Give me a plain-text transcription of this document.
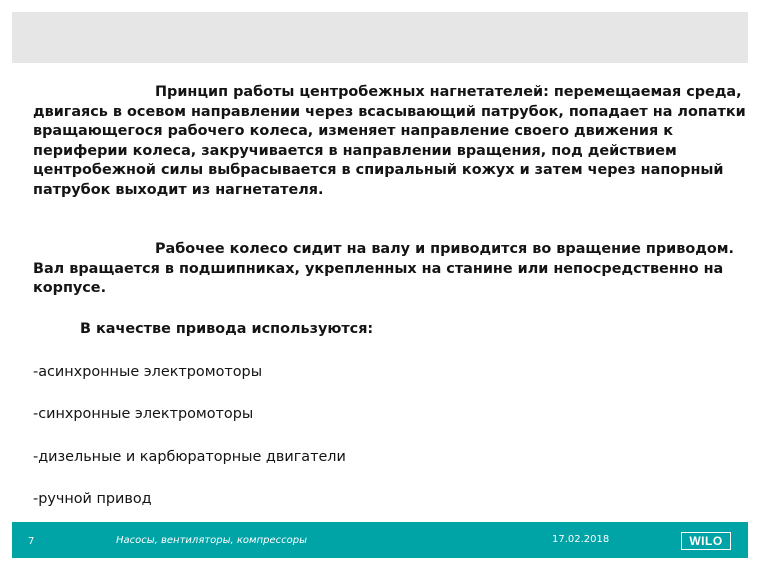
Принцип работы центробежных нагнетателей: перемещаемая среда, двигаясь в осевом направлении через всасывающий патрубок, попадает на лопатки вращающегося рабочего колеса, изменяет направление своего движения к периферии колеса, закручивается в направлении вращения, под действием центробежной силы выбрасывается в спиральный кожух и затем через напорный патрубок выходит из нагнетателя.

Рабочее колесо сидит на валу и приводится во вращение приводом. Вал вращается в подшипниках, укрепленных на станине или непосредственно на корпусе.

В качестве привода используются:

-асинхронные электромоторы

-синхронные электромоторы

-дизельные и карбюраторные двигатели

-ручной привод

7	Насосы, вентиляторы, компрессоры	17.02.2018	WILO
